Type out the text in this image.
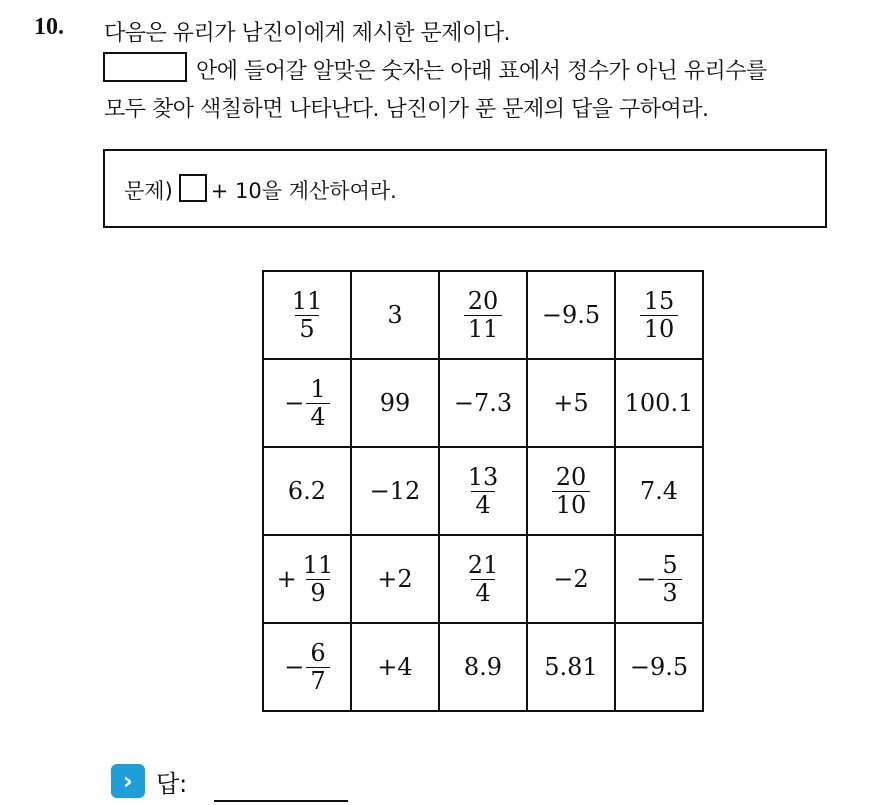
10. 다음은 유리가 남진이에게 제시한 문제이다.
안에 들어갈 알맞은 숫자는 아래 표에서 정수가 아닌 유리수를
모두 찾아 색칠하면 나타난다. 남진이가 푼 문제의 답을 구하여라.
문제) + 10을 계산하여라.
$\frac{11}{5}$	3	$\frac{20}{11}$	−9.5	$\frac{15}{10}$

− $\frac{1}{4}$	99	−7.3	+5	100.1
6.2	−12	$\frac{13}{4}$	$\frac{20}{10}$	7.4
+ $\frac{11}{9}$	+2	$\frac{21}{4}$	−2	− $\frac{5}{3}$

− $\frac{6}{7}$	+4	8.9	5.81	−9.5
› 답:
